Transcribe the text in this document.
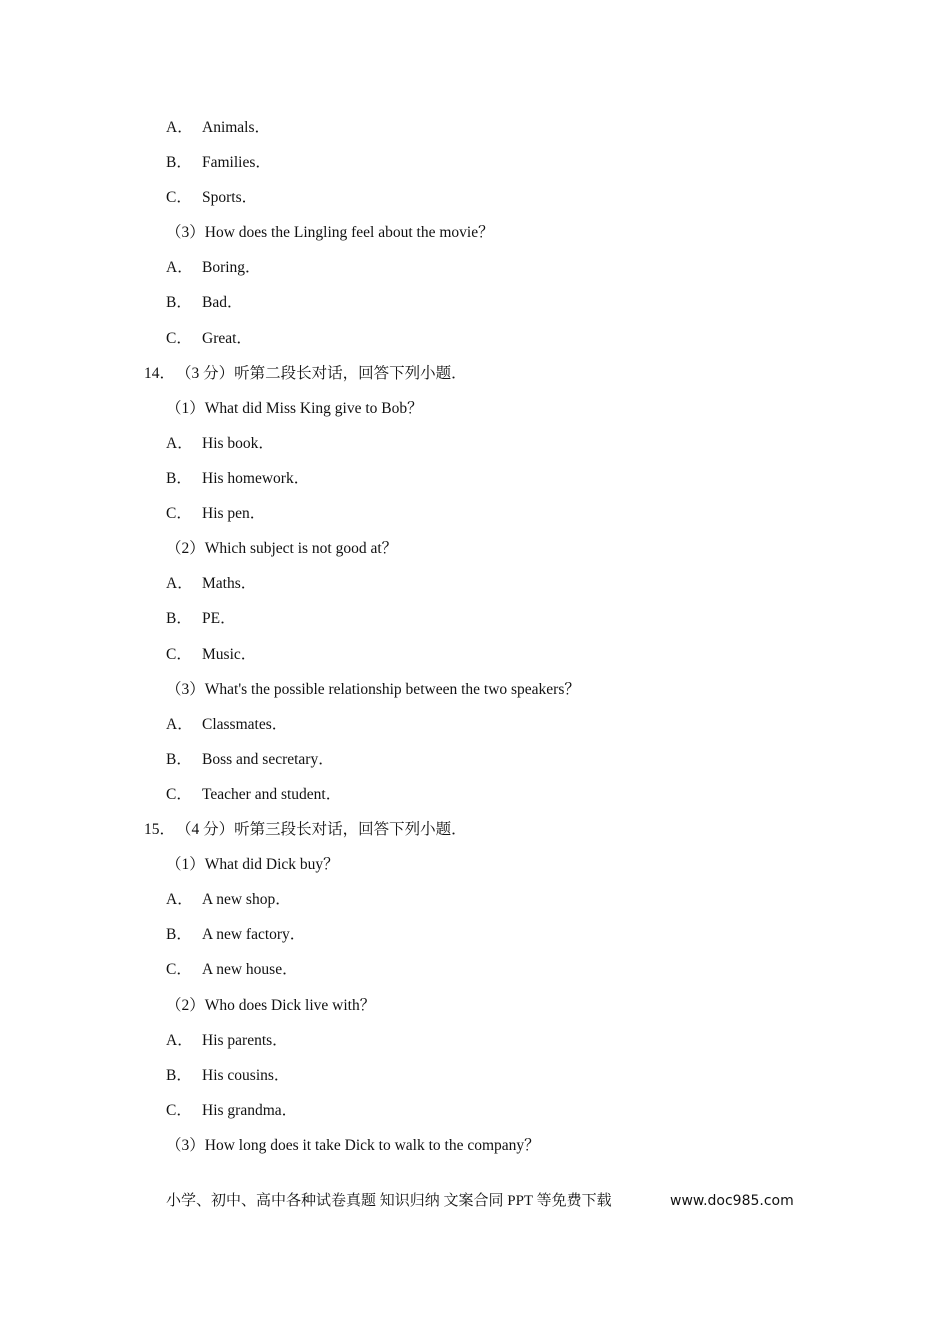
A． Animals．
B． Families．
C． Sports．
（3）How does the Lingling feel about the movie？
A． Boring．
B． Bad．
C． Great．
14．（3 分）听第二段长对话，回答下列小题．
（1）What did Miss King give to Bob？
A． His book．
B． His homework．
C． His pen．
（2）Which subject is not good at？
A． Maths．
B． PE．
C． Music．
（3）What's the possible relationship between the two speakers？
A． Classmates．
B． Boss and secretary．
C． Teacher and student．
15．（4 分）听第三段长对话，回答下列小题．
（1）What did Dick buy？
A． A new shop．
B． A new factory．
C． A new house．
（2）Who does Dick live with？
A． His parents．
B． His cousins．
C． His grandma．
（3）How long does it take Dick to walk to the company？
小学、初中、高中各种试卷真题 知识归纳 文案合同 PPT 等免费下载	www.doc985.com
